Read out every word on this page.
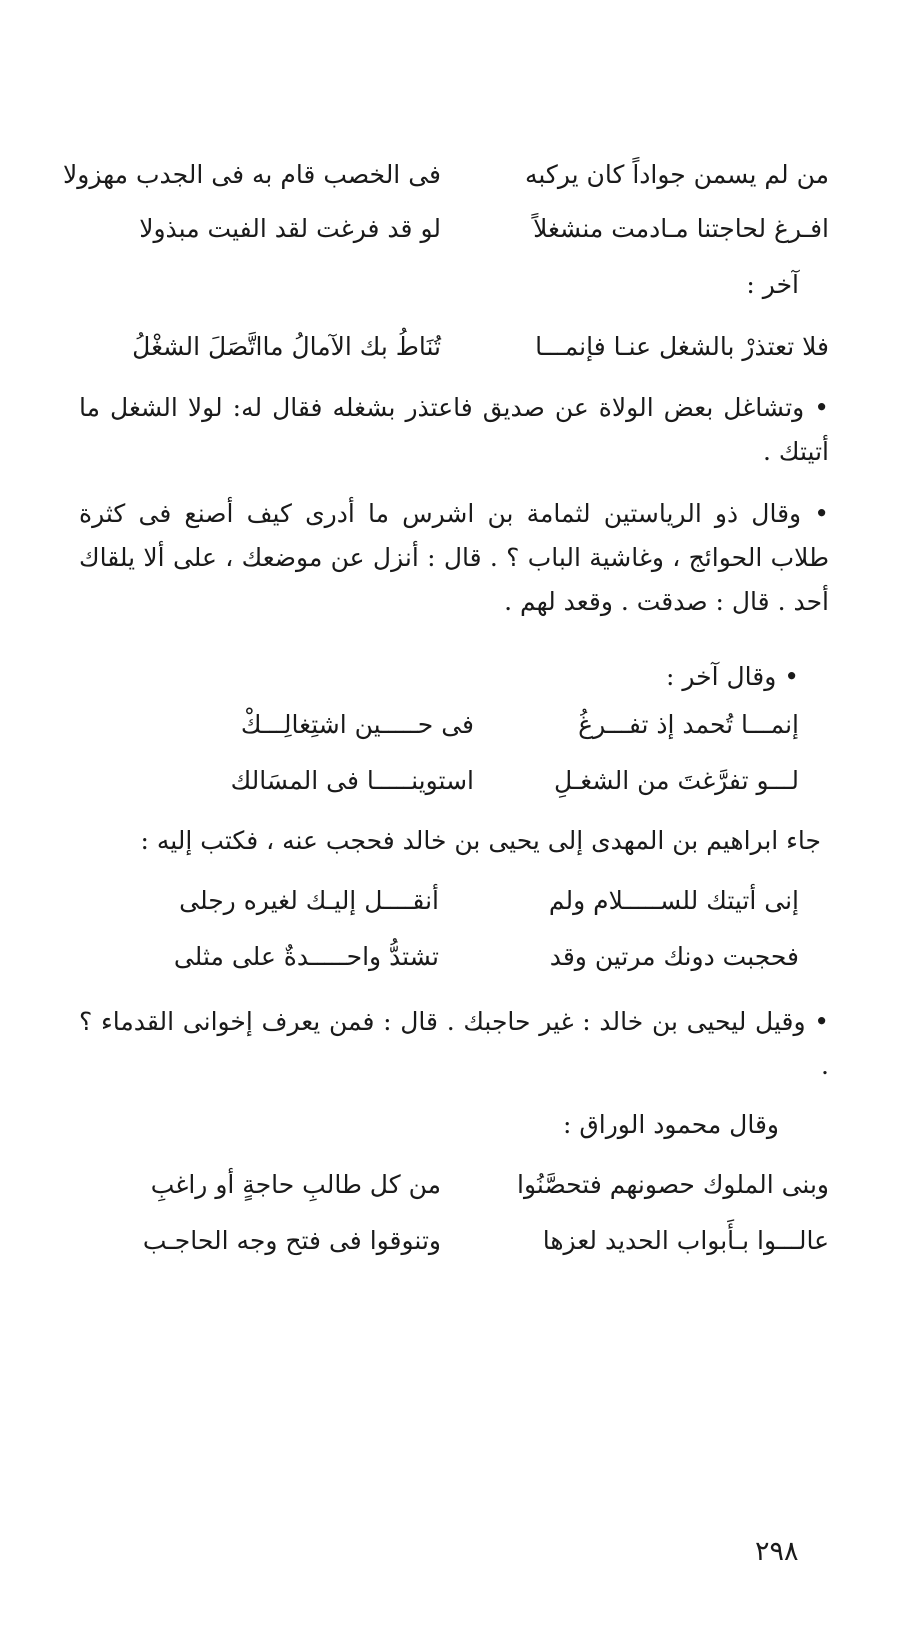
من لم يسمن جواداً كان يركبه
فى الخصب قام به فى الجدب مهزولا
افـرغ لحاجتنا مـادمت منشغلاً
لو قد فرغت لقد الفيت مبذولا
آخر :
فلا تعتذرْ بالشغل عنـا فإنمـــا
تُنَاطُ بك الآمالُ مااتَّصَلَ الشغْلُ
• وتشاغل بعض الولاة عن صديق فاعتذر بشغله فقال له: لولا الشغل ما أتيتك .
• وقال ذو الرياستين لثمامة بن اشرس ما أدرى كيف أصنع فى كثرة طلاب الحوائج ، وغاشية الباب ؟ . قال : أنزل عن موضعك ، على ألا يلقاك أحد . قال : صدقت . وقعد لهم .
• وقال آخر :
إنمـــا تُحمد إذ تفـــرغُ
فى حـــــين اشتِغالِـــكْ
لـــو تفرَّغتَ من الشغـلِ
استوينـــــا فى المسَالك
جاء ابراهيم بن المهدى إلى يحيى بن خالد فحجب عنه ، فكتب إليه :
إنى أتيتك للســـــلام ولم
أنقــــل إليـك لغيره رجلى
فحجبت دونك مرتين وقد
تشتدُّ واحـــــدةٌ على مثلى
• وقيل ليحيى بن خالد : غير حاجبك . قال : فمن يعرف إخوانى القدماء ؟ .
وقال محمود الوراق :
وبنى الملوك حصونهم فتحصَّنُوا
من كل طالبِ حاجةٍ أو راغبِ
عالـــوا بـأَبواب الحديد لعزها
وتنوقوا فى فتح وجه الحاجـب
٢٩٨
